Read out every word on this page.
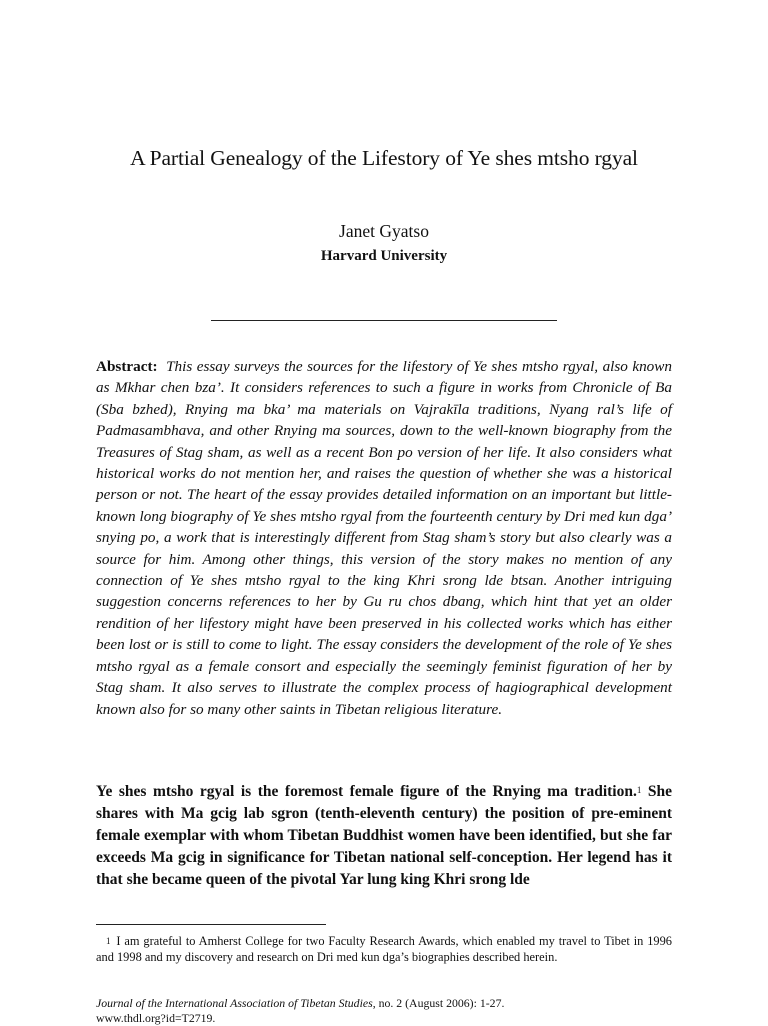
A Partial Genealogy of the Lifestory of Ye shes mtsho rgyal
Janet Gyatso
Harvard University
Abstract: This essay surveys the sources for the lifestory of Ye shes mtsho rgyal, also known as Mkhar chen bza’. It considers references to such a figure in works from Chronicle of Ba (Sba bzhed), Rnying ma bka’ ma materials on Vajrakīla traditions, Nyang ral’s life of Padmasambhava, and other Rnying ma sources, down to the well-known biography from the Treasures of Stag sham, as well as a recent Bon po version of her life. It also considers what historical works do not mention her, and raises the question of whether she was a historical person or not. The heart of the essay provides detailed information on an important but little-known long biography of Ye shes mtsho rgyal from the fourteenth century by Dri med kun dga’ snying po, a work that is interestingly different from Stag sham’s story but also clearly was a source for him. Among other things, this version of the story makes no mention of any connection of Ye shes mtsho rgyal to the king Khri srong lde btsan. Another intriguing suggestion concerns references to her by Gu ru chos dbang, which hint that yet an older rendition of her lifestory might have been preserved in his collected works which has either been lost or is still to come to light. The essay considers the development of the role of Ye shes mtsho rgyal as a female consort and especially the seemingly feminist figuration of her by Stag sham. It also serves to illustrate the complex process of hagiographical development known also for so many other saints in Tibetan religious literature.
Ye shes mtsho rgyal is the foremost female figure of the Rnying ma tradition.$^1$ She shares with Ma gcig lab sgron (tenth-eleventh century) the position of pre-eminent female exemplar with whom Tibetan Buddhist women have been identified, but she far exceeds Ma gcig in significance for Tibetan national self-conception. Her legend has it that she became queen of the pivotal Yar lung king Khri srong lde
$^1$ I am grateful to Amherst College for two Faculty Research Awards, which enabled my travel to Tibet in 1996 and 1998 and my discovery and research on Dri med kun dga’s biographies described herein.
Journal of the International Association of Tibetan Studies, no. 2 (August 2006): 1-27.
www.thdl.org?id=T2719.
